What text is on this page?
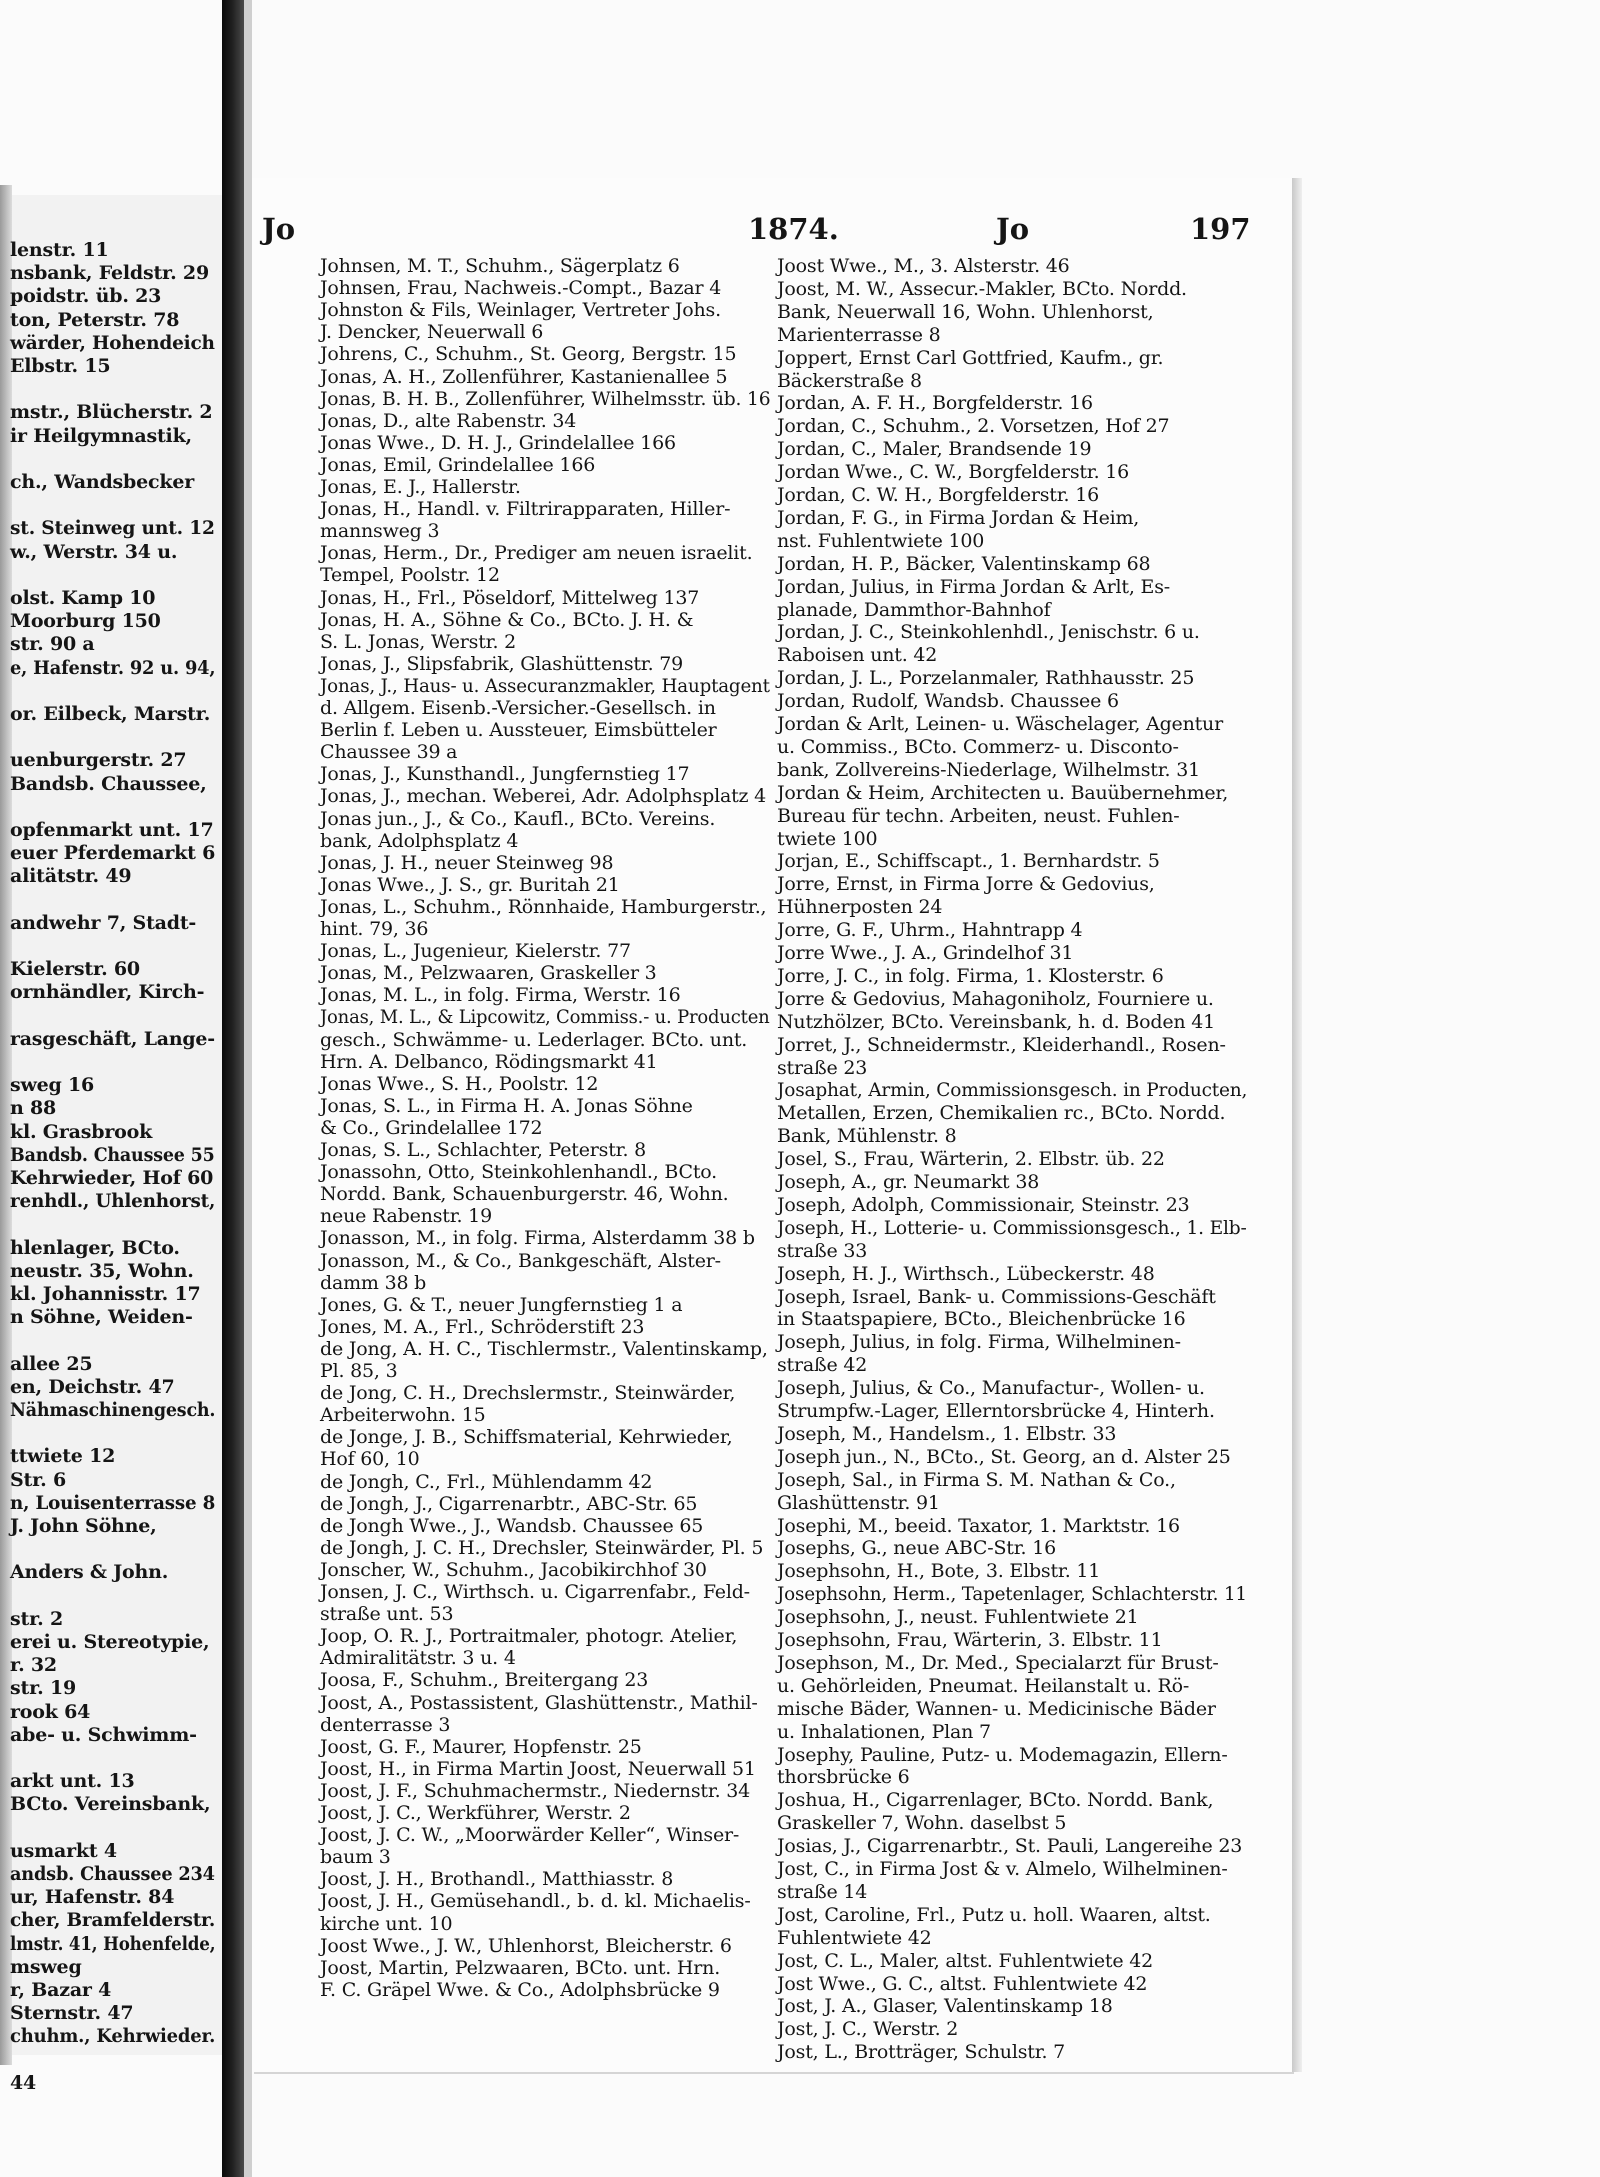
Jo	1874.	Jo	197
lenstr. 11
nsbank, Feldstr. 29
poidstr. üb. 23
ton, Peterstr. 78
wärder, Hohendeich
Elbstr. 15
mstr., Blücherstr. 2
ir Heilgymnastik,
ch., Wandsbecker
st. Steinweg unt. 12
w., Werstr. 34 u.
olst. Kamp 10
Moorburg 150
str. 90 a
e, Hafenstr. 92 u. 94,
or. Eilbeck, Marstr.
uenburgerstr. 27
Bandsb. Chaussee,
opfenmarkt unt. 17
euer Pferdemarkt 6
alitätstr. 49
andwehr 7, Stadt-
Kielerstr. 60
ornhändler, Kirch-
rasgeschäft, Lange-
sweg 16
n 88
kl. Grasbrook
Bandsb. Chaussee 55
Kehrwieder, Hof 60
renhdl., Uhlenhorst,
hlenlager, BCto.
neustr. 35, Wohn.
kl. Johannisstr. 17
n Söhne, Weiden-
allee 25
en, Deichstr. 47
Nähmaschinengesch.
ttwiete 12
Str. 6
n, Louisenterrasse 8
J. John Söhne,
Anders & John.
str. 2
erei u. Stereotypie,
r. 32
str. 19
rook 64
abe- u. Schwimm-
arkt unt. 13
BCto. Vereinsbank,
usmarkt 4
andsb. Chaussee 234
ur, Hafenstr. 84
cher, Bramfelderstr.
lmstr. 41, Hohenfelde,
msweg
r, Bazar 4
Sternstr. 47
chuhm., Kehrwieder.
44
Johnsen, M. T., Schuhm., Sägerplatz 6
Johnsen, Frau, Nachweis.-Compt., Bazar 4
Johnston & Fils, Weinlager, Vertreter Johs.
J. Dencker, Neuerwall 6
Johrens, C., Schuhm., St. Georg, Bergstr. 15
Jonas, A. H., Zollenführer, Kastanienallee 5
Jonas, B. H. B., Zollenführer, Wilhelmsstr. üb. 16
Jonas, D., alte Rabenstr. 34
Jonas Wwe., D. H. J., Grindelallee 166
Jonas, Emil, Grindelallee 166
Jonas, E. J., Hallerstr.
Jonas, H., Handl. v. Filtrirapparaten, Hiller-
mannsweg 3
Jonas, Herm., Dr., Prediger am neuen israelit.
Tempel, Poolstr. 12
Jonas, H., Frl., Pöseldorf, Mittelweg 137
Jonas, H. A., Söhne & Co., BCto. J. H. &
S. L. Jonas, Werstr. 2
Jonas, J., Slipsfabrik, Glashüttenstr. 79
Jonas, J., Haus- u. Assecuranzmakler, Hauptagent
d. Allgem. Eisenb.-Versicher.-Gesellsch. in
Berlin f. Leben u. Aussteuer, Eimsbütteler
Chaussee 39 a
Jonas, J., Kunsthandl., Jungfernstieg 17
Jonas, J., mechan. Weberei, Adr. Adolphsplatz 4
Jonas jun., J., & Co., Kaufl., BCto. Vereins.
bank, Adolphsplatz 4
Jonas, J. H., neuer Steinweg 98
Jonas Wwe., J. S., gr. Buritah 21
Jonas, L., Schuhm., Rönnhaide, Hamburgerstr.,
hint. 79, 36
Jonas, L., Jugenieur, Kielerstr. 77
Jonas, M., Pelzwaaren, Graskeller 3
Jonas, M. L., in folg. Firma, Werstr. 16
Jonas, M. L., & Lipcowitz, Commiss.- u. Producten
gesch., Schwämme- u. Lederlager. BCto. unt.
Hrn. A. Delbanco, Rödingsmarkt 41
Jonas Wwe., S. H., Poolstr. 12
Jonas, S. L., in Firma H. A. Jonas Söhne
& Co., Grindelallee 172
Jonas, S. L., Schlachter, Peterstr. 8
Jonassohn, Otto, Steinkohlenhandl., BCto.
Nordd. Bank, Schauenburgerstr. 46, Wohn.
neue Rabenstr. 19
Jonasson, M., in folg. Firma, Alsterdamm 38 b
Jonasson, M., & Co., Bankgeschäft, Alster-
damm 38 b
Jones, G. & T., neuer Jungfernstieg 1 a
Jones, M. A., Frl., Schröderstift 23
de Jong, A. H. C., Tischlermstr., Valentinskamp,
Pl. 85, 3
de Jong, C. H., Drechslermstr., Steinwärder,
Arbeiterwohn. 15
de Jonge, J. B., Schiffsmaterial, Kehrwieder,
Hof 60, 10
de Jongh, C., Frl., Mühlendamm 42
de Jongh, J., Cigarrenarbtr., ABC-Str. 65
de Jongh Wwe., J., Wandsb. Chaussee 65
de Jongh, J. C. H., Drechsler, Steinwärder, Pl. 5
Jonscher, W., Schuhm., Jacobikirchhof 30
Jonsen, J. C., Wirthsch. u. Cigarrenfabr., Feld-
straße unt. 53
Joop, O. R. J., Portraitmaler, photogr. Atelier,
Admiralitätstr. 3 u. 4
Joosa, F., Schuhm., Breitergang 23
Joost, A., Postassistent, Glashüttenstr., Mathil-
denterrasse 3
Joost, G. F., Maurer, Hopfenstr. 25
Joost, H., in Firma Martin Joost, Neuerwall 51
Joost, J. F., Schuhmachermstr., Niedernstr. 34
Joost, J. C., Werkführer, Werstr. 2
Joost, J. C. W., „Moorwärder Keller“, Winser-
baum 3
Joost, J. H., Brothandl., Matthiasstr. 8
Joost, J. H., Gemüsehandl., b. d. kl. Michaelis-
kirche unt. 10
Joost Wwe., J. W., Uhlenhorst, Bleicherstr. 6
Joost, Martin, Pelzwaaren, BCto. unt. Hrn.
F. C. Gräpel Wwe. & Co., Adolphsbrücke 9
Joost Wwe., M., 3. Alsterstr. 46
Joost, M. W., Assecur.-Makler, BCto. Nordd.
Bank, Neuerwall 16, Wohn. Uhlenhorst,
Marienterrasse 8
Joppert, Ernst Carl Gottfried, Kaufm., gr.
Bäckerstraße 8
Jordan, A. F. H., Borgfelderstr. 16
Jordan, C., Schuhm., 2. Vorsetzen, Hof 27
Jordan, C., Maler, Brandsende 19
Jordan Wwe., C. W., Borgfelderstr. 16
Jordan, C. W. H., Borgfelderstr. 16
Jordan, F. G., in Firma Jordan & Heim,
nst. Fuhlentwiete 100
Jordan, H. P., Bäcker, Valentinskamp 68
Jordan, Julius, in Firma Jordan & Arlt, Es-
planade, Dammthor-Bahnhof
Jordan, J. C., Steinkohlenhdl., Jenischstr. 6 u.
Raboisen unt. 42
Jordan, J. L., Porzelanmaler, Rathhausstr. 25
Jordan, Rudolf, Wandsb. Chaussee 6
Jordan & Arlt, Leinen- u. Wäschelager, Agentur
u. Commiss., BCto. Commerz- u. Disconto-
bank, Zollvereins-Niederlage, Wilhelmstr. 31
Jordan & Heim, Architecten u. Bauübernehmer,
Bureau für techn. Arbeiten, neust. Fuhlen-
twiete 100
Jorjan, E., Schiffscapt., 1. Bernhardstr. 5
Jorre, Ernst, in Firma Jorre & Gedovius,
Hühnerposten 24
Jorre, G. F., Uhrm., Hahntrapp 4
Jorre Wwe., J. A., Grindelhof 31
Jorre, J. C., in folg. Firma, 1. Klosterstr. 6
Jorre & Gedovius, Mahagoniholz, Fourniere u.
Nutzhölzer, BCto. Vereinsbank, h. d. Boden 41
Jorret, J., Schneidermstr., Kleiderhandl., Rosen-
straße 23
Josaphat, Armin, Commissionsgesch. in Producten,
Metallen, Erzen, Chemikalien rc., BCto. Nordd.
Bank, Mühlenstr. 8
Josel, S., Frau, Wärterin, 2. Elbstr. üb. 22
Joseph, A., gr. Neumarkt 38
Joseph, Adolph, Commissionair, Steinstr. 23
Joseph, H., Lotterie- u. Commissionsgesch., 1. Elb-
straße 33
Joseph, H. J., Wirthsch., Lübeckerstr. 48
Joseph, Israel, Bank- u. Commissions-Geschäft
in Staatspapiere, BCto., Bleichenbrücke 16
Joseph, Julius, in folg. Firma, Wilhelminen-
straße 42
Joseph, Julius, & Co., Manufactur-, Wollen- u.
Strumpfw.-Lager, Ellerntorsbrücke 4, Hinterh.
Joseph, M., Handelsm., 1. Elbstr. 33
Joseph jun., N., BCto., St. Georg, an d. Alster 25
Joseph, Sal., in Firma S. M. Nathan & Co.,
Glashüttenstr. 91
Josephi, M., beeid. Taxator, 1. Marktstr. 16
Josephs, G., neue ABC-Str. 16
Josephsohn, H., Bote, 3. Elbstr. 11
Josephsohn, Herm., Tapetenlager, Schlachterstr. 11
Josephsohn, J., neust. Fuhlentwiete 21
Josephsohn, Frau, Wärterin, 3. Elbstr. 11
Josephson, M., Dr. Med., Specialarzt für Brust-
u. Gehörleiden, Pneumat. Heilanstalt u. Rö-
mische Bäder, Wannen- u. Medicinische Bäder
u. Inhalationen, Plan 7
Josephy, Pauline, Putz- u. Modemagazin, Ellern-
thorsbrücke 6
Joshua, H., Cigarrenlager, BCto. Nordd. Bank,
Graskeller 7, Wohn. daselbst 5
Josias, J., Cigarrenarbtr., St. Pauli, Langereihe 23
Jost, C., in Firma Jost & v. Almelo, Wilhelminen-
straße 14
Jost, Caroline, Frl., Putz u. holl. Waaren, altst.
Fuhlentwiete 42
Jost, C. L., Maler, altst. Fuhlentwiete 42
Jost Wwe., G. C., altst. Fuhlentwiete 42
Jost, J. A., Glaser, Valentinskamp 18
Jost, J. C., Werstr. 2
Jost, L., Brotträger, Schulstr. 7
